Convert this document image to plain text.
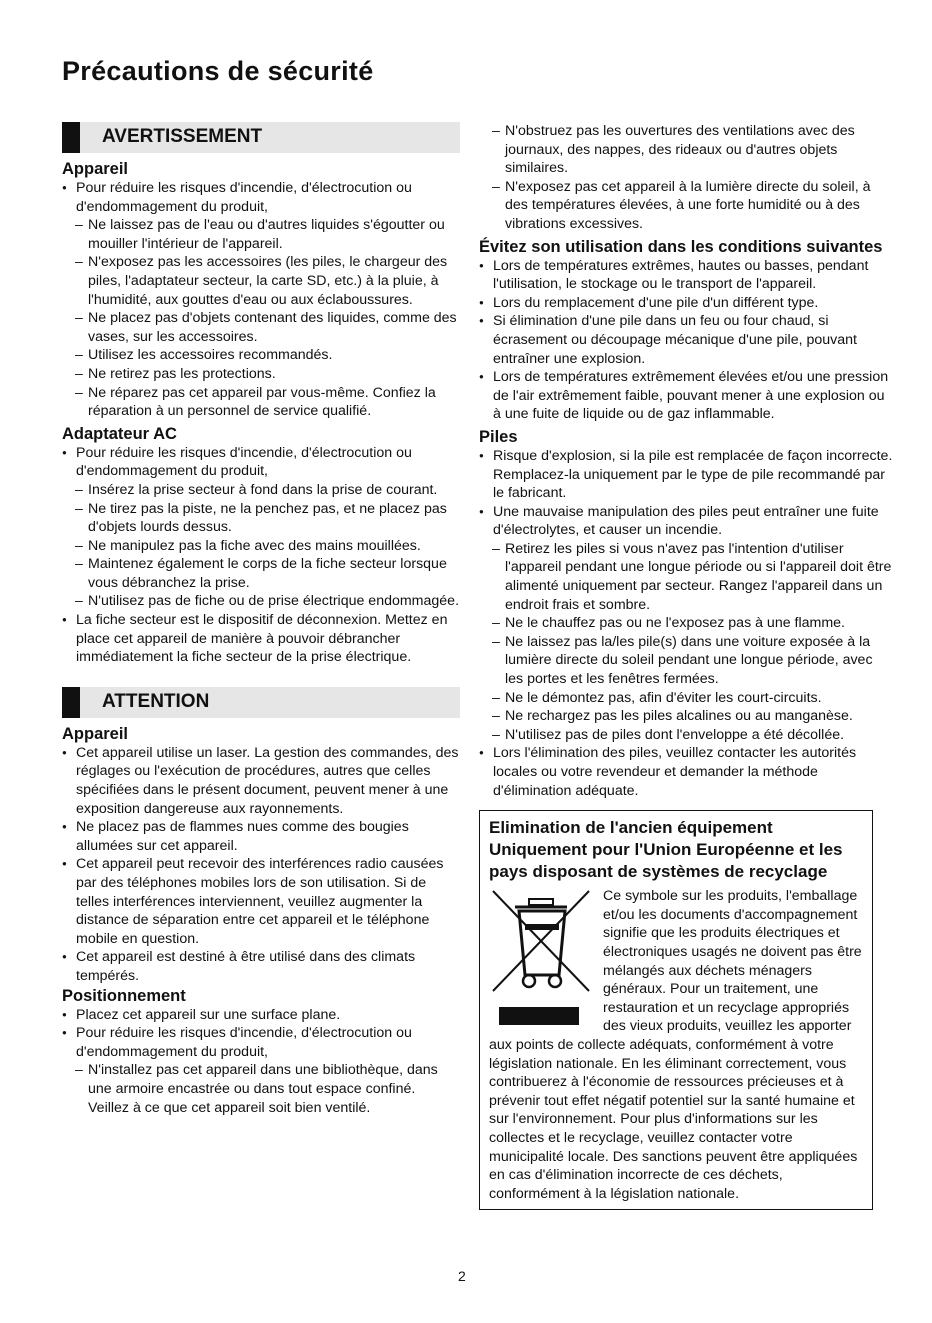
Précautions de sécurité
AVERTISSEMENT
Appareil
● Pour réduire les risques d'incendie, d'électrocution ou d'endommagement du produit,
– Ne laissez pas de l'eau ou d'autres liquides s'égoutter ou mouiller l'intérieur de l'appareil.
– N'exposez pas les accessoires (les piles, le chargeur des piles, l'adaptateur secteur, la carte SD, etc.) à la pluie, à l'humidité, aux gouttes d'eau ou aux éclaboussures.
– Ne placez pas d'objets contenant des liquides, comme des vases, sur les accessoires.
– Utilisez les accessoires recommandés.
– Ne retirez pas les protections.
– Ne réparez pas cet appareil par vous-même. Confiez la réparation à un personnel de service qualifié.
Adaptateur AC
● Pour réduire les risques d'incendie, d'électrocution ou d'endommagement du produit,
– Insérez la prise secteur à fond dans la prise de courant.
– Ne tirez pas la piste, ne la penchez pas, et ne placez pas d'objets lourds dessus.
– Ne manipulez pas la fiche avec des mains mouillées.
– Maintenez également le corps de la fiche secteur lorsque vous débranchez la prise.
– N'utilisez pas de fiche ou de prise électrique endommagée.
● La fiche secteur est le dispositif de déconnexion. Mettez en place cet appareil de manière à pouvoir débrancher immédiatement la fiche secteur de la prise électrique.
ATTENTION
Appareil
● Cet appareil utilise un laser. La gestion des commandes, des réglages ou l'exécution de procédures, autres que celles spécifiées dans le présent document, peuvent mener à une exposition dangereuse aux rayonnements.
● Ne placez pas de flammes nues comme des bougies allumées sur cet appareil.
● Cet appareil peut recevoir des interférences radio causées par des téléphones mobiles lors de son utilisation. Si de telles interférences interviennent, veuillez augmenter la distance de séparation entre cet appareil et le téléphone mobile en question.
● Cet appareil est destiné à être utilisé dans des climats tempérés.
Positionnement
● Placez cet appareil sur une surface plane.
● Pour réduire les risques d'incendie, d'électrocution ou d'endommagement du produit,
– N'installez pas cet appareil dans une bibliothèque, dans une armoire encastrée ou dans tout espace confiné. Veillez à ce que cet appareil soit bien ventilé.
– N'obstruez pas les ouvertures des ventilations avec des journaux, des nappes, des rideaux ou d'autres objets similaires.
– N'exposez pas cet appareil à la lumière directe du soleil, à des températures élevées, à une forte humidité ou à des vibrations excessives.
Évitez son utilisation dans les conditions suivantes
● Lors de températures extrêmes, hautes ou basses, pendant l'utilisation, le stockage ou le transport de l'appareil.
● Lors du remplacement d'une pile d'un différent type.
● Si élimination d'une pile dans un feu ou four chaud, si écrasement ou découpage mécanique d'une pile, pouvant entraîner une explosion.
● Lors de températures extrêmement élevées et/ou une pression de l'air extrêmement faible, pouvant mener à une explosion ou à une fuite de liquide ou de gaz inflammable.
Piles
● Risque d'explosion, si la pile est remplacée de façon incorrecte. Remplacez-la uniquement par le type de pile recommandé par le fabricant.
● Une mauvaise manipulation des piles peut entraîner une fuite d'électrolytes, et causer un incendie.
– Retirez les piles si vous n'avez pas l'intention d'utiliser l'appareil pendant une longue période ou si l'appareil doit être alimenté uniquement par secteur. Rangez l'appareil dans un endroit frais et sombre.
– Ne le chauffez pas ou ne l'exposez pas à une flamme.
– Ne laissez pas la/les pile(s) dans une voiture exposée à la lumière directe du soleil pendant une longue période, avec les portes et les fenêtres fermées.
– Ne le démontez pas, afin d'éviter les court-circuits.
– Ne rechargez pas les piles alcalines ou au manganèse.
– N'utilisez pas de piles dont l'enveloppe a été décollée.
● Lors l'élimination des piles, veuillez contacter les autorités locales ou votre revendeur et demander la méthode d'élimination adéquate.
Elimination de l'ancien équipement Uniquement pour l'Union Européenne et les pays disposant de systèmes de recyclage
Ce symbole sur les produits, l'emballage et/ou les documents d'accompagnement signifie que les produits électriques et électroniques usagés ne doivent pas être mélangés aux déchets ménagers généraux. Pour un traitement, une restauration et un recyclage appropriés des vieux produits, veuillez les apporter aux points de collecte adéquats, conformément à votre législation nationale. En les éliminant correctement, vous contribuerez à l'économie de ressources précieuses et à prévenir tout effet négatif potentiel sur la santé humaine et sur l'environnement. Pour plus d'informations sur les collectes et le recyclage, veuillez contacter votre municipalité locale. Des sanctions peuvent être appliquées en cas d'élimination incorrecte de ces déchets, conformément à la législation nationale.
2
